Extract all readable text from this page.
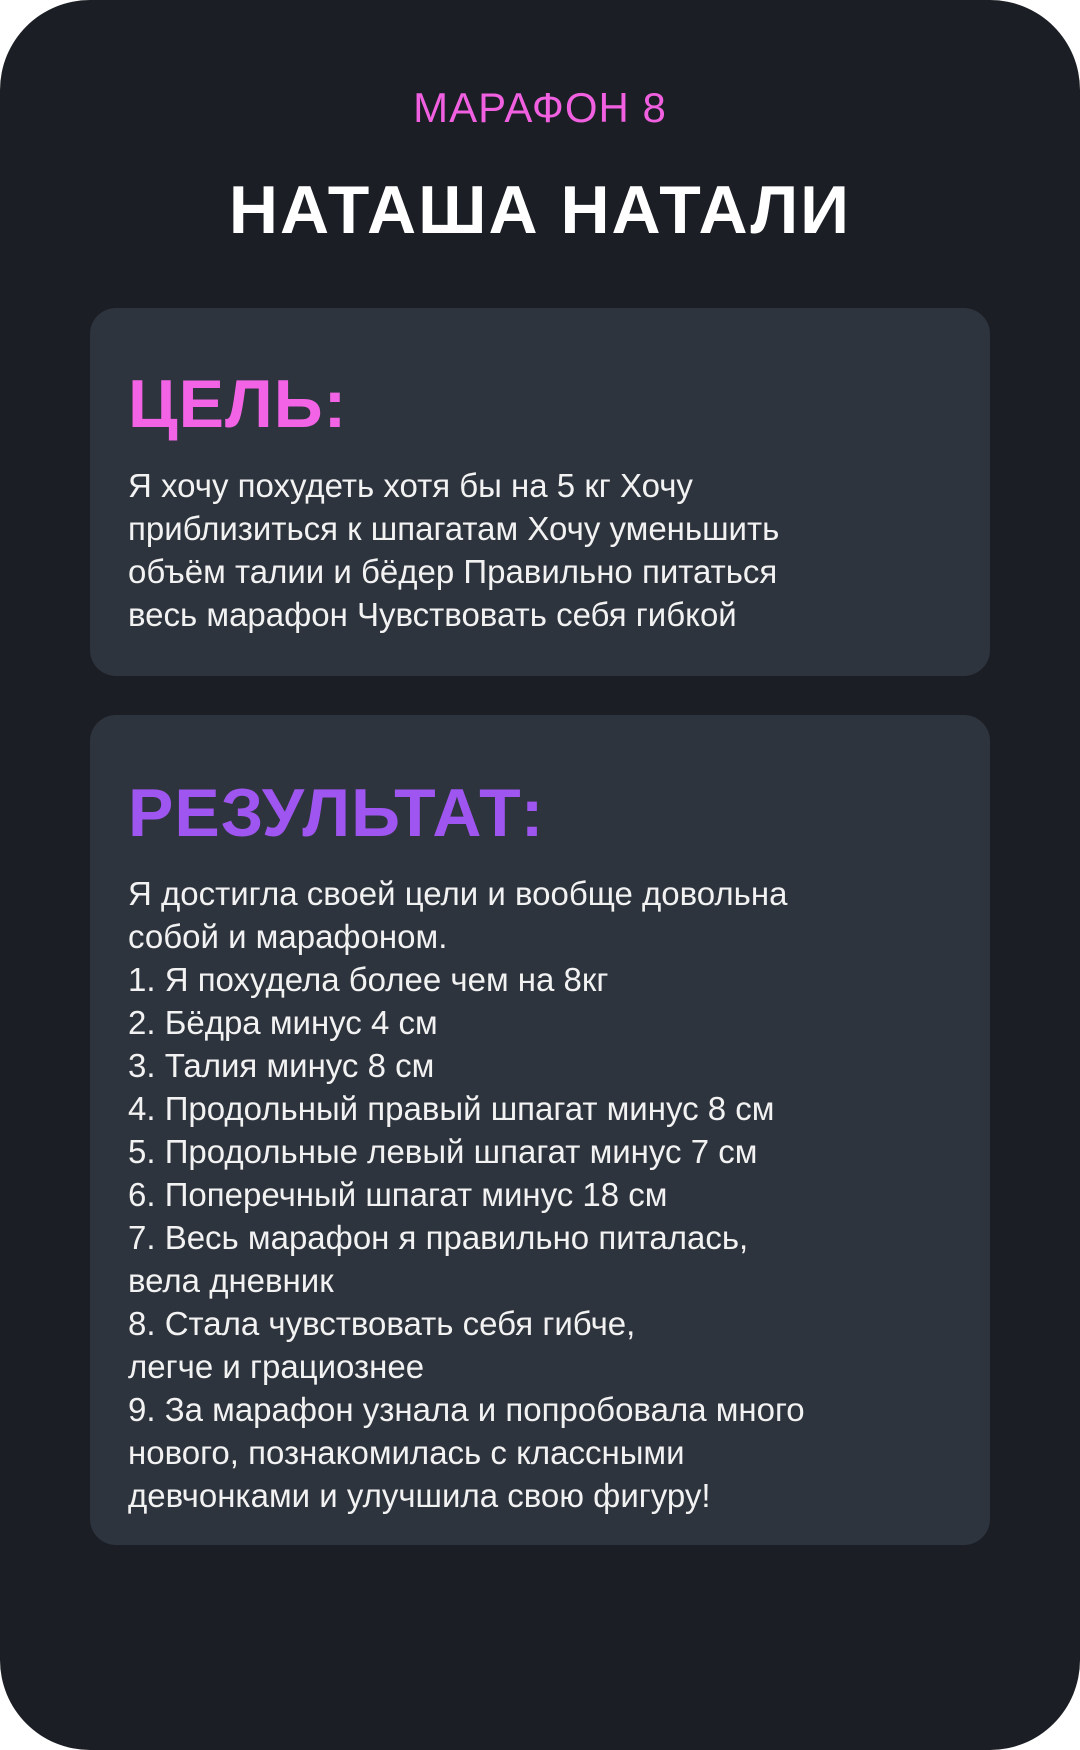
МАРАФОН 8
НАТАША НАТАЛИ
ЦЕЛЬ:
Я хочу похудеть хотя бы на 5 кг Хочу
приблизиться к шпагатам Хочу уменьшить
объём талии и бёдер Правильно питаться
весь марафон Чувствовать себя гибкой
РЕЗУЛЬТАТ:
Я достигла своей цели и вообще довольна
собой и марафоном.
1. Я похудела более чем на 8кг
2. Бёдра минус 4 см
3. Талия минус 8 см
4. Продольный правый шпагат минус 8 см
5. Продольные левый шпагат минус 7 см
6. Поперечный шпагат минус 18 см
7. Весь марафон я правильно питалась,
вела дневник
8. Стала чувствовать себя гибче,
легче и грациознее
9. За марафон узнала и попробовала много
нового, познакомилась с классными
девчонками и улучшила свою фигуру!
